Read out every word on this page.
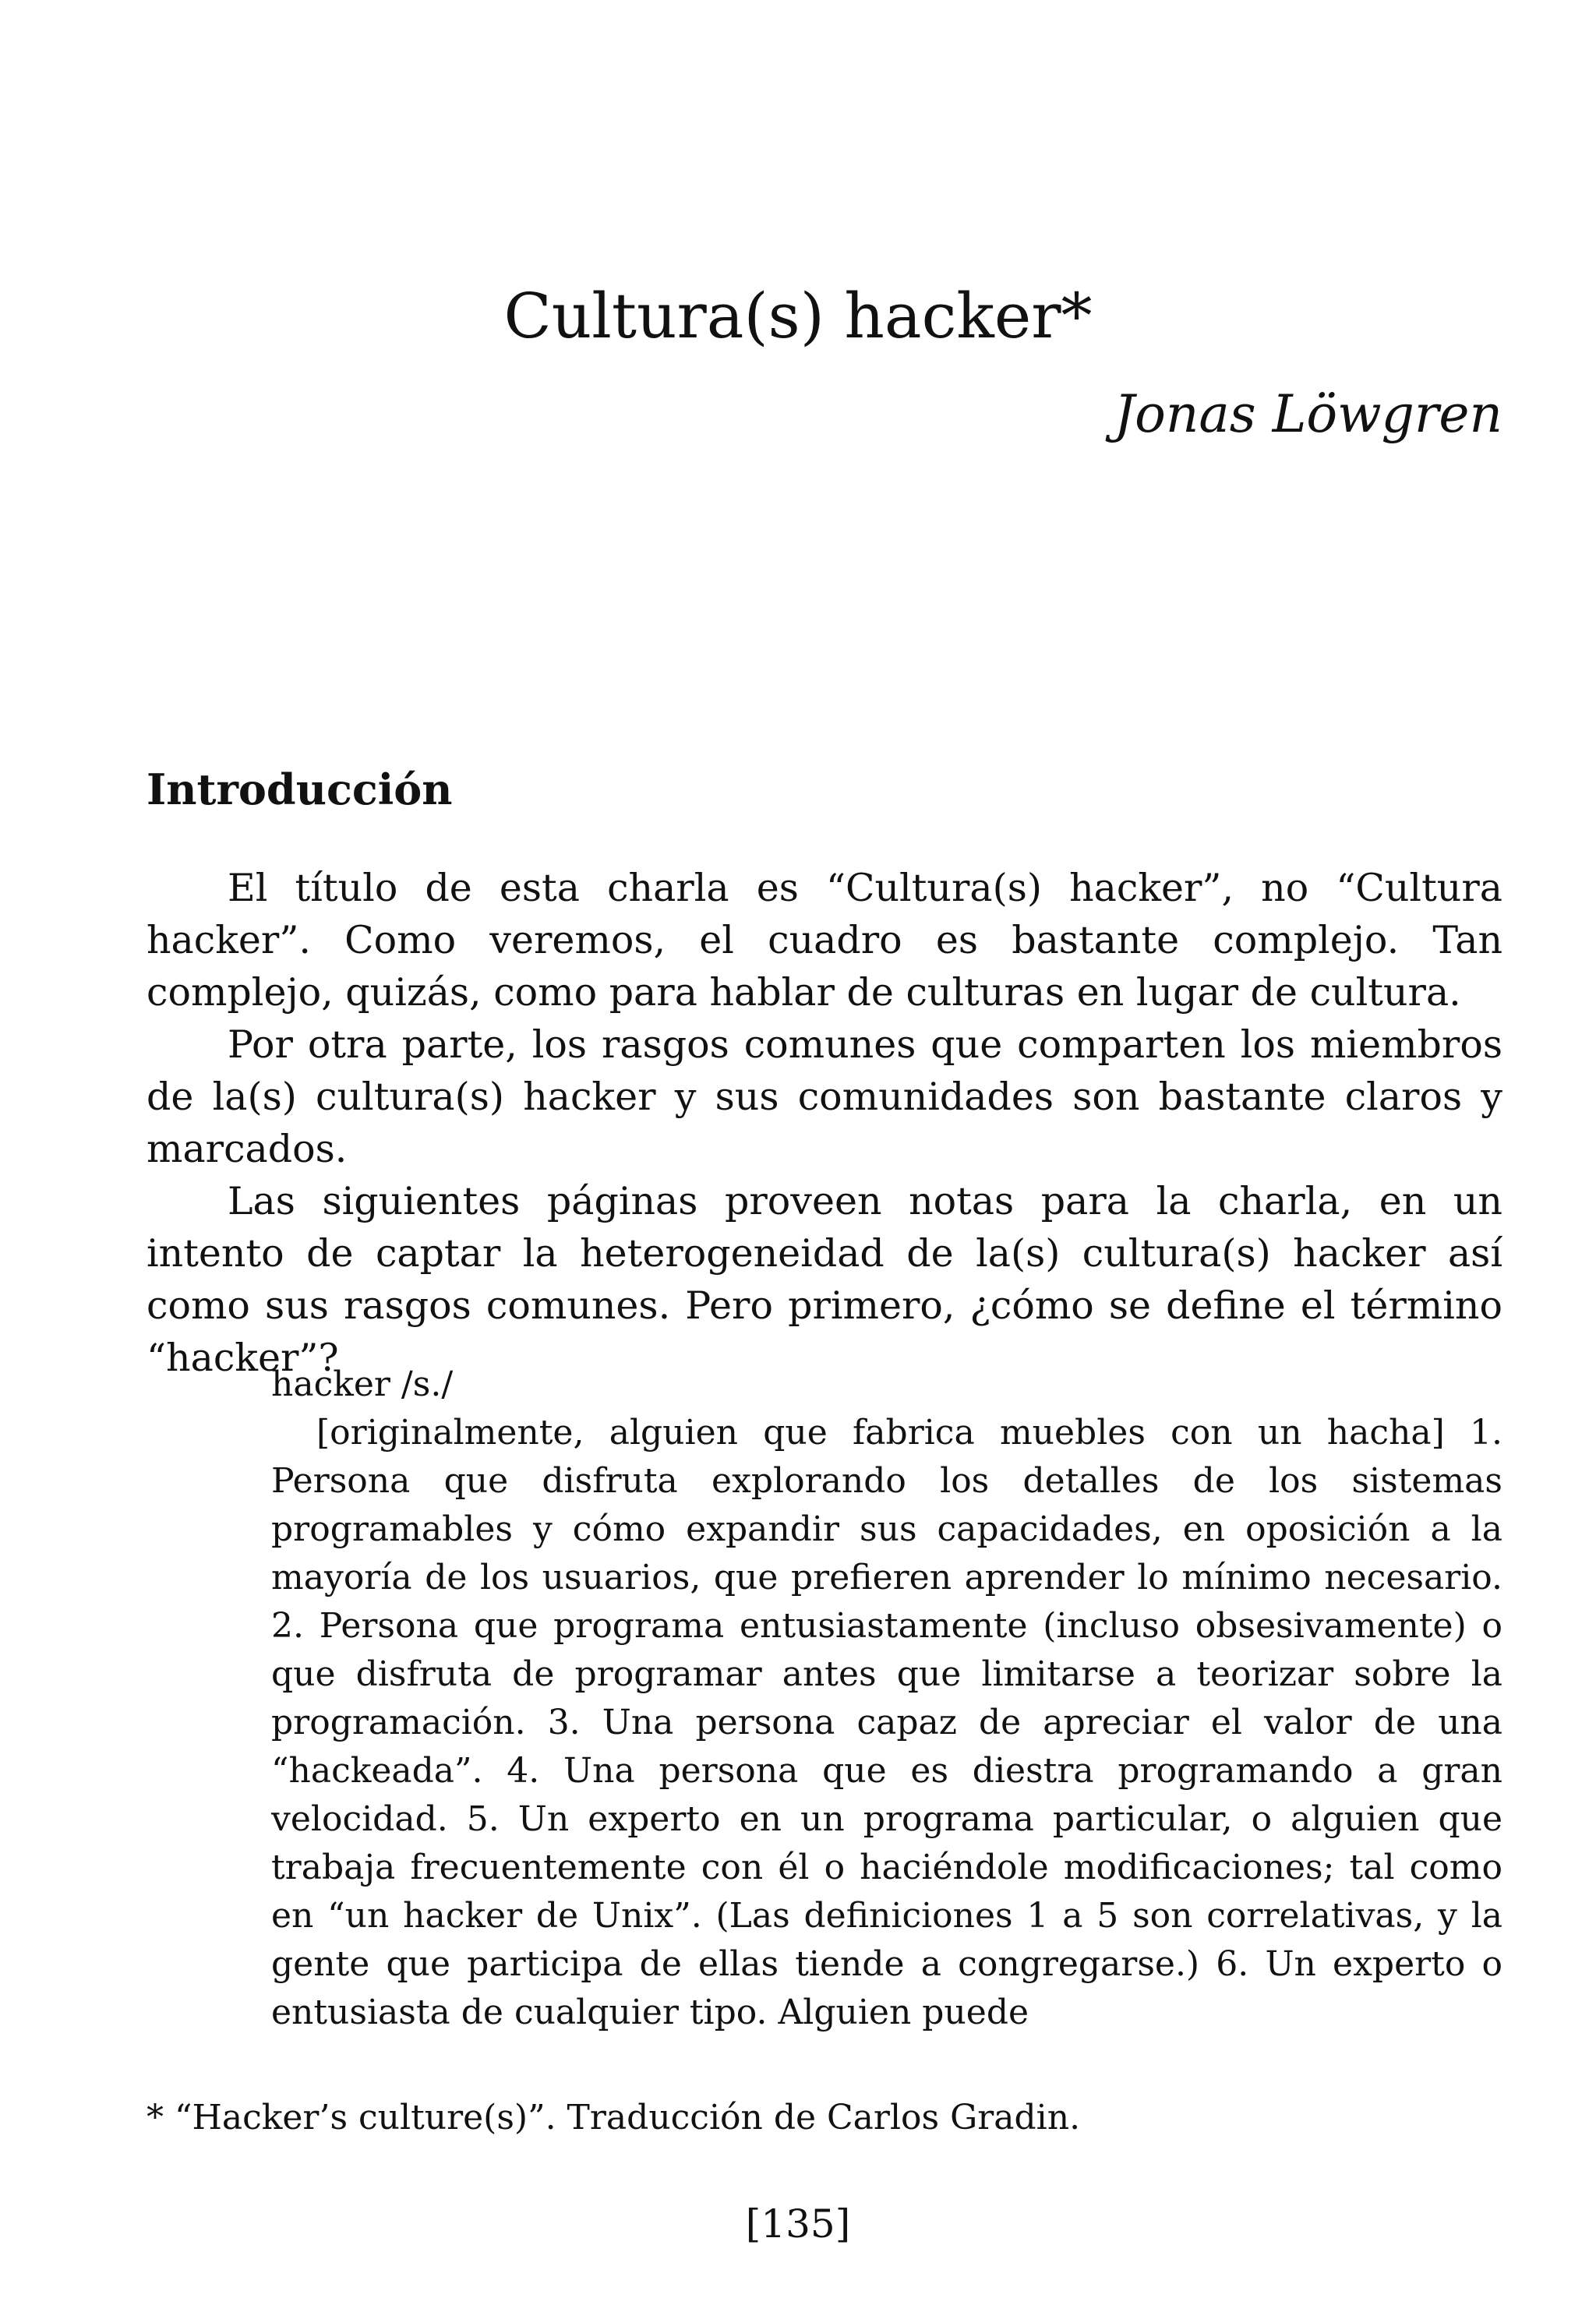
Cultura(s) hacker*
Jonas Löwgren
Introducción

El título de esta charla es “Cultura(s) hacker”, no “Cultura hacker”. Como veremos, el cuadro es bastante complejo. Tan complejo, quizás, como para hablar de culturas en lugar de cultura.

Por otra parte, los rasgos comunes que comparten los miembros de la(s) cultura(s) hacker y sus comunidades son bastante claros y marcados.

Las siguientes páginas proveen notas para la charla, en un intento de captar la heterogeneidad de la(s) cultura(s) hacker así como sus rasgos comunes. Pero primero, ¿cómo se define el término “hacker”?

hacker /s./

[originalmente, alguien que fabrica muebles con un hacha] 1. Persona que disfruta explorando los detalles de los sistemas programables y cómo expandir sus capacidades, en oposición a la mayoría de los usuarios, que prefieren aprender lo mínimo necesario. 2. Persona que programa entusiastamente (incluso obsesivamente) o que disfruta de programar antes que limitarse a teorizar sobre la programación. 3. Una persona capaz de apreciar el valor de una “hackeada”. 4. Una persona que es diestra programando a gran velocidad. 5. Un experto en un programa particular, o alguien que trabaja frecuentemente con él o haciéndole modificaciones; tal como en “un hacker de Unix”. (Las definiciones 1 a 5 son correlativas, y la gente que participa de ellas tiende a congregarse.) 6. Un experto o entusiasta de cualquier tipo. Alguien puede

* “Hacker’s culture(s)”. Traducción de Carlos Gradin.

[135]
